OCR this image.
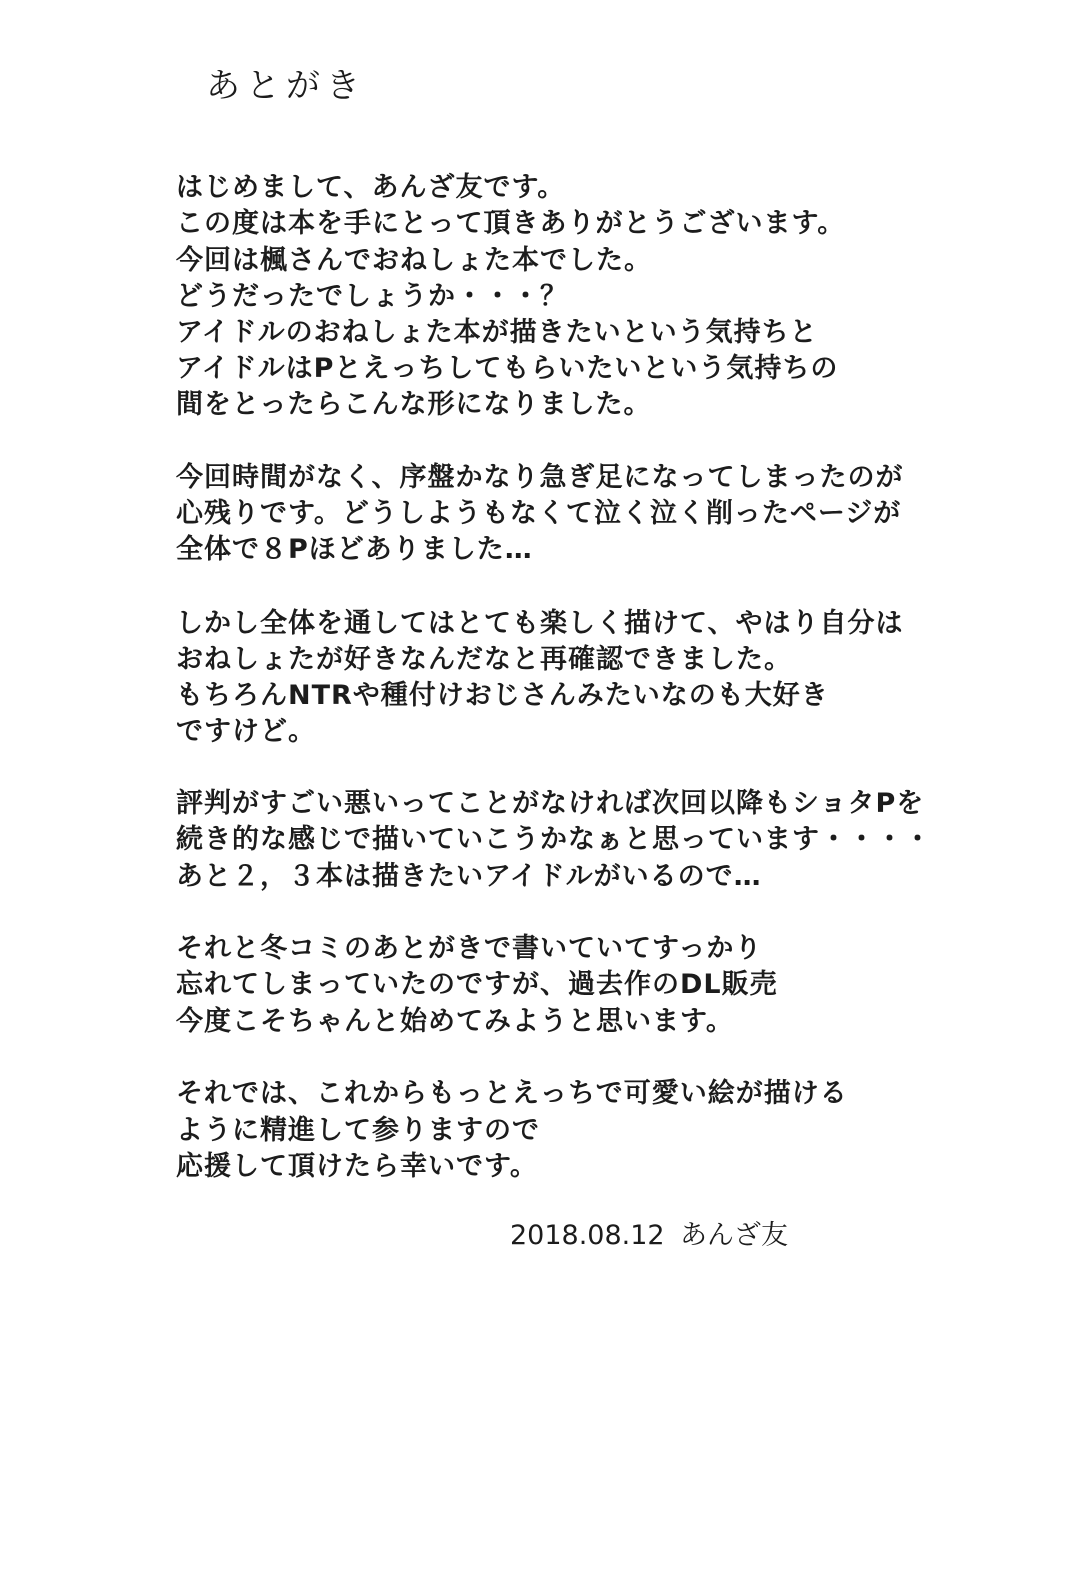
あとがき
はじめまして、あんざ友です。
この度は本を手にとって頂きありがとうございます。
今回は楓さんでおねしょた本でした。
どうだったでしょうか・・・？
アイドルのおねしょた本が描きたいという気持ちと
アイドルはPとえっちしてもらいたいという気持ちの
間をとったらこんな形になりました。
今回時間がなく、序盤かなり急ぎ足になってしまったのが
心残りです。どうしようもなくて泣く泣く削ったページが
全体で８Pほどありました…
しかし全体を通してはとても楽しく描けて、やはり自分は
おねしょたが好きなんだなと再確認できました。
もちろんNTRや種付けおじさんみたいなのも大好き
ですけど。
評判がすごい悪いってことがなければ次回以降もショタPを
続き的な感じで描いていこうかなぁと思っています・・・・
あと２，３本は描きたいアイドルがいるので…
それと冬コミのあとがきで書いていてすっかり
忘れてしまっていたのですが、過去作のDL販売
今度こそちゃんと始めてみようと思います。
それでは、これからもっとえっちで可愛い絵が描ける
ように精進して参りますので
応援して頂けたら幸いです。
2018.08.12 あんざ友
